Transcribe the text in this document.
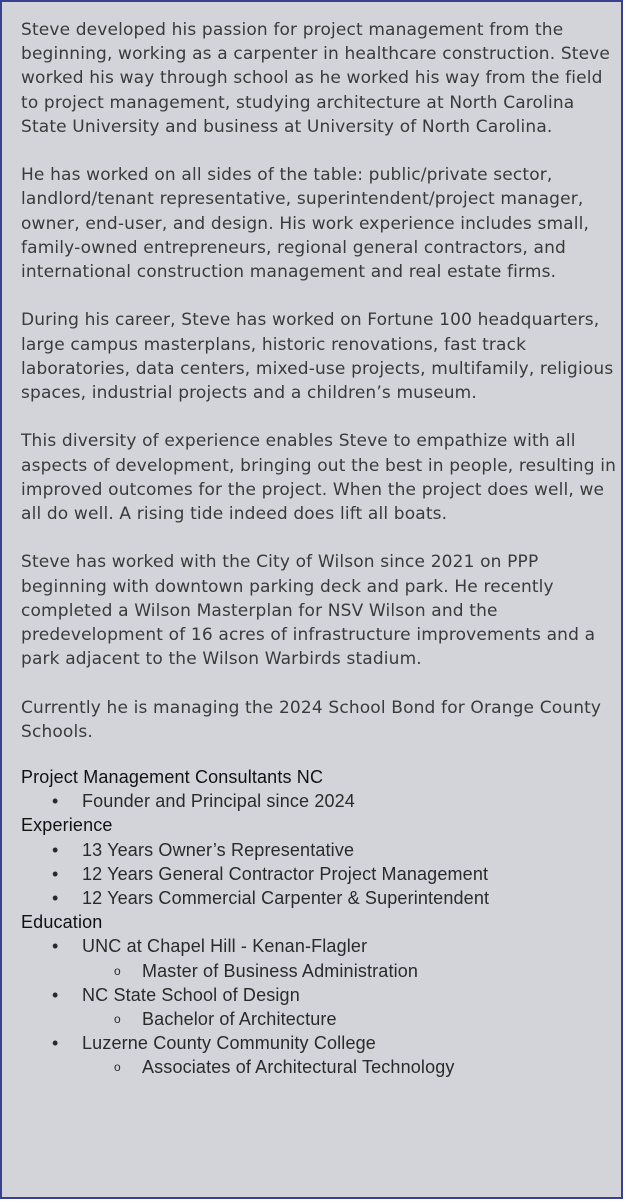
Steve developed his passion for project management from the beginning, working as a carpenter in healthcare construction. Steve worked his way through school as he worked his way from the field to project management, studying architecture at North Carolina State University and business at University of North Carolina.

He has worked on all sides of the table: public/private sector, landlord/tenant representative, superintendent/project manager, owner, end-user, and design. His work experience includes small, family-owned entrepreneurs, regional general contractors, and international construction management and real estate firms.

During his career, Steve has worked on Fortune 100 headquarters, large campus masterplans, historic renovations, fast track laboratories, data centers, mixed-use projects, multifamily, religious spaces, industrial projects and a children’s museum.

This diversity of experience enables Steve to empathize with all aspects of development, bringing out the best in people, resulting in improved outcomes for the project. When the project does well, we all do well. A rising tide indeed does lift all boats.

Steve has worked with the City of Wilson since 2021 on PPP beginning with downtown parking deck and park. He recently completed a Wilson Masterplan for NSV Wilson and the predevelopment of 16 acres of infrastructure improvements and a park adjacent to the Wilson Warbirds stadium.

Currently he is managing the 2024 School Bond for Orange County Schools.

Project Management Consultants NC
• Founder and Principal since 2024
Experience
• 13 Years Owner’s Representative
• 12 Years General Contractor Project Management
• 12 Years Commercial Carpenter & Superintendent
Education
• UNC at Chapel Hill - Kenan-Flagler
o Master of Business Administration
• NC State School of Design
o Bachelor of Architecture
• Luzerne County Community College
o Associates of Architectural Technology
